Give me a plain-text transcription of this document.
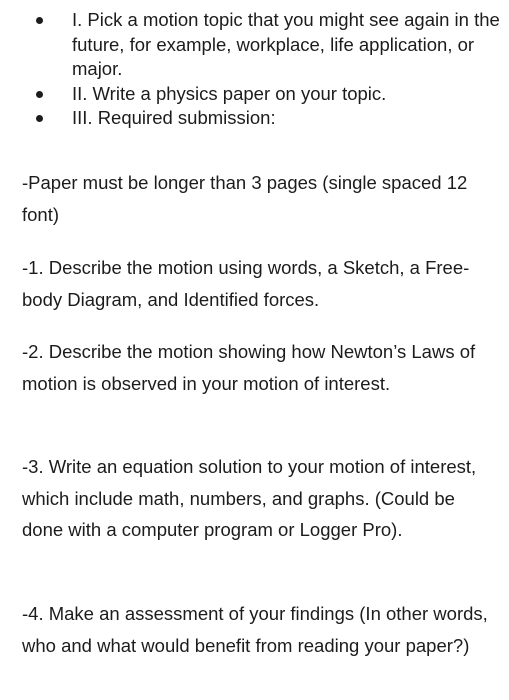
I. Pick a motion topic that you might see again in the future, for example, workplace, life application, or major.
II. Write a physics paper on your topic.
III. Required submission:

-Paper must be longer than 3 pages (single spaced 12 font)

-1. Describe the motion using words, a Sketch, a Free-body Diagram, and Identified forces.

-2. Describe the motion showing how Newton’s Laws of motion is observed in your motion of interest.

-3. Write an equation solution to your motion of interest, which include math, numbers, and graphs. (Could be done with a computer program or Logger Pro).

-4. Make an assessment of your findings (In other words, who and what would benefit from reading your paper?)
